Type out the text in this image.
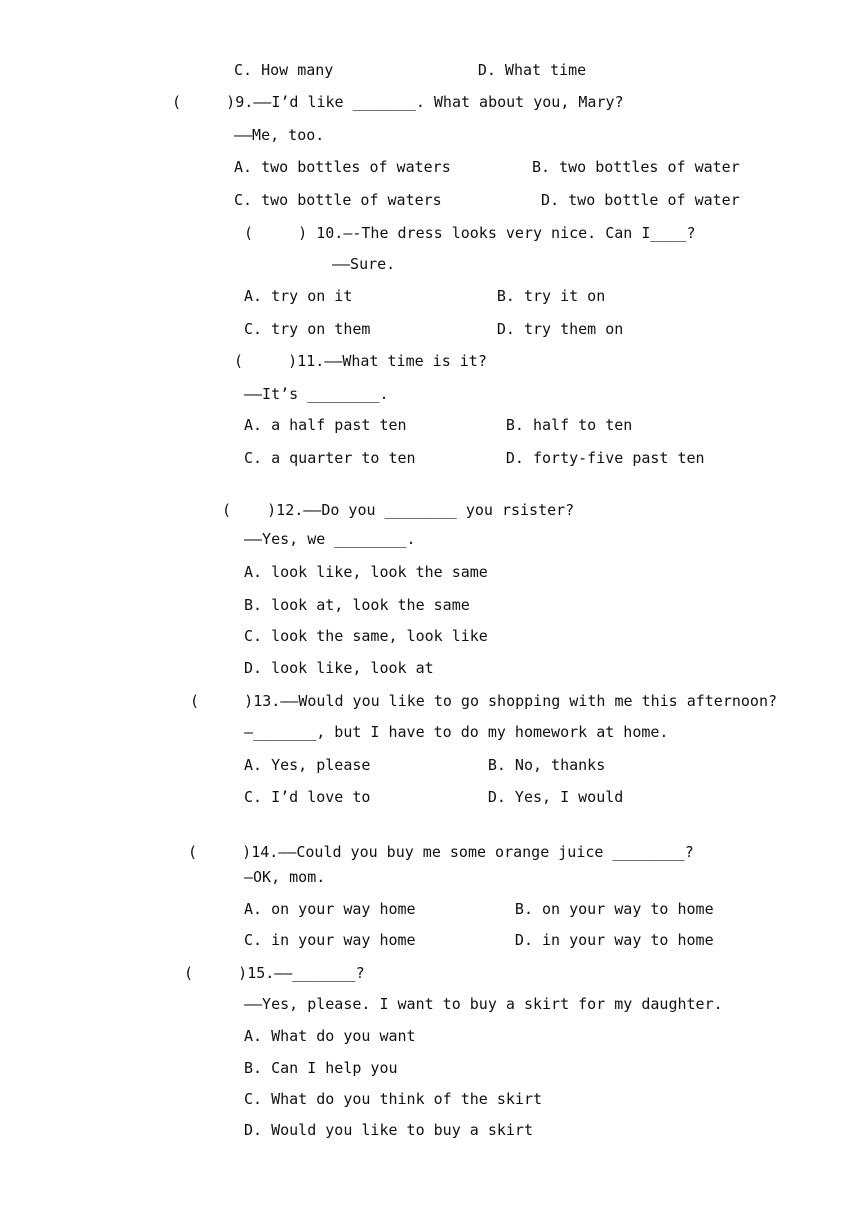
C. How many                D. What time
(     )9.——I’d like _______. What about you, Mary?
——Me, too.
A. two bottles of waters         B. two bottles of water
C. two bottle of waters           D. two bottle of water
(     ) 10.—-The dress looks very nice. Can I____?
——Sure.
A. try on it                B. try it on
C. try on them              D. try them on
(     )11.——What time is it?
——It’s ________.
A. a half past ten           B. half to ten
C. a quarter to ten          D. forty-five past ten
(    )12.——Do you ________ you rsister?
——Yes, we ________.
A. look like, look the same
B. look at, look the same
C. look the same, look like
D. look like, look at
(     )13.——Would you like to go shopping with me this afternoon?
—_______, but I have to do my homework at home.
A. Yes, please             B. No, thanks
C. I’d love to             D. Yes, I would
(     )14.——Could you buy me some orange juice ________?
—OK, mom.
A. on your way home           B. on your way to home
C. in your way home           D. in your way to home
(     )15.——_______?
——Yes, please. I want to buy a skirt for my daughter.
A. What do you want
B. Can I help you
C. What do you think of the skirt
D. Would you like to buy a skirt
